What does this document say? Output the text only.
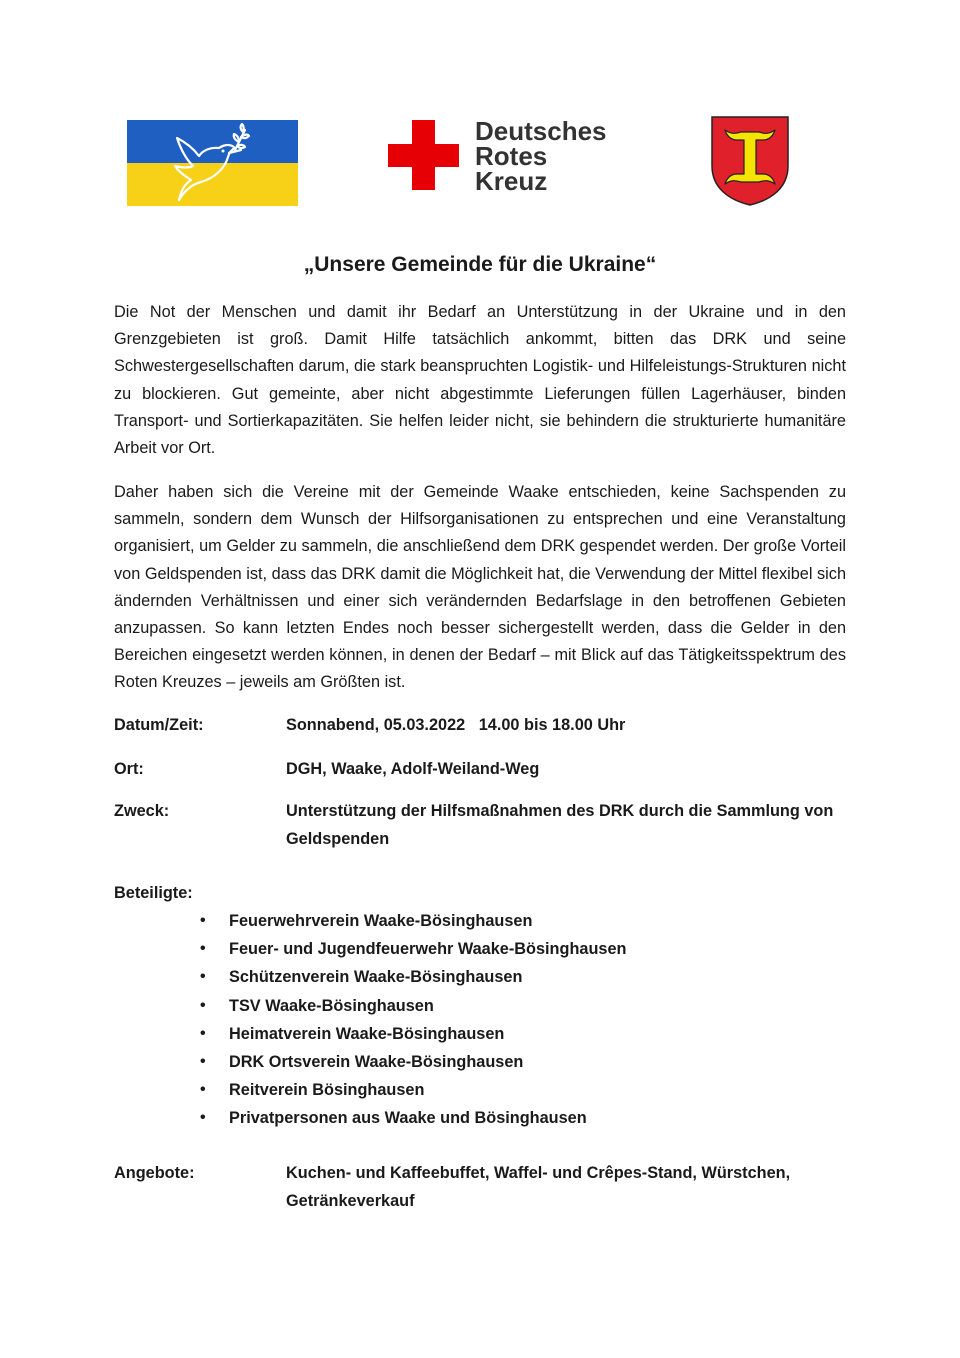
Deutsches
Rotes
Kreuz
„Unsere Gemeinde für die Ukraine“

Die Not der Menschen und damit ihr Bedarf an Unterstützung in der Ukraine und in den Grenzgebieten ist groß. Damit Hilfe tatsächlich ankommt, bitten das DRK und seine Schwestergesellschaften darum, die stark beanspruchten Logistik- und Hilfeleistungs-Strukturen nicht zu blockieren. Gut gemeinte, aber nicht abgestimmte Lieferungen füllen Lagerhäuser, binden Transport- und Sortierkapazitäten. Sie helfen leider nicht, sie behindern die strukturierte humanitäre Arbeit vor Ort.

Daher haben sich die Vereine mit der Gemeinde Waake entschieden, keine Sachspenden zu sammeln, sondern dem Wunsch der Hilfsorganisationen zu entsprechen und eine Veranstaltung organisiert, um Gelder zu sammeln, die anschließend dem DRK gespendet werden. Der große Vorteil von Geldspenden ist, dass das DRK damit die Möglichkeit hat, die Verwendung der Mittel flexibel sich ändernden Verhältnissen und einer sich verändernden Bedarfslage in den betroffenen Gebieten anzupassen. So kann letzten Endes noch besser sichergestellt werden, dass die Gelder in den Bereichen eingesetzt werden können, in denen der Bedarf – mit Blick auf das Tätigkeitsspektrum des Roten Kreuzes – jeweils am Größten ist.

Datum/Zeit:	Sonnabend, 05.03.2022   14.00 bis 18.00 Uhr

Ort:	DGH, Waake, Adolf-Weiland-Weg

Zweck:	Unterstützung der Hilfsmaßnahmen des DRK durch die Sammlung von Geldspenden

Beteiligte:

• Feuerwehrverein Waake-Bösinghausen
• Feuer- und Jugendfeuerwehr Waake-Bösinghausen
• Schützenverein Waake-Bösinghausen
• TSV Waake-Bösinghausen
• Heimatverein Waake-Bösinghausen
• DRK Ortsverein Waake-Bösinghausen
• Reitverein Bösinghausen
• Privatpersonen aus Waake und Bösinghausen

Angebote:	Kuchen- und Kaffeebuffet, Waffel- und Crêpes-Stand, Würstchen, Getränkeverkauf
